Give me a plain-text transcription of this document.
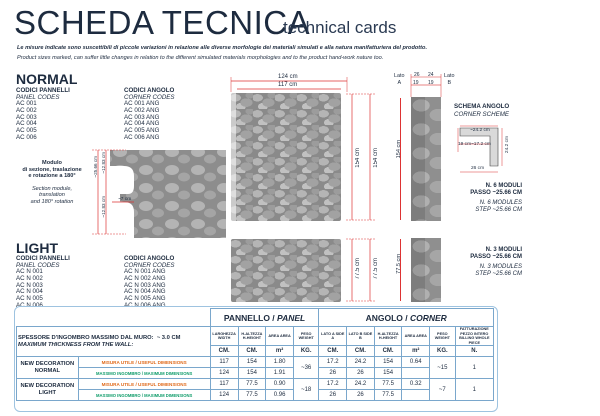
SCHEDA TECNICA
technical cards
Le misure indicate sono suscettibili di piccole variazioni in relazione alle diverse morfologie dei materiali simulati e alla natura manifatturiera del prodotto.
Product sizes marked, can suffer little changes in relation to the different simulated materials morphologies and to the product hand-work nature too.
NORMAL
CODICI PANNELLI
PANEL CODES
AC 001
AC 002
AC 003
AC 004
AC 005
AC 006
CODICI ANGOLO
CORNER CODES
AC 001 ANG
AC 002 ANG
AC 003 ANG
AC 004 ANG
AC 005 ANG
AC 006 ANG
Modulo
di sezione, traslazione
e rotazione a 180°
Section module,
translation
and 180° rotation
~25.66 cm ~12.83 cm
~12.83 cm	~7 cm
LIGHT
CODICI PANNELLI
PANEL CODES
AC N 001
AC N 002
AC N 003
AC N 004
AC N 005
AC N 006
CODICI ANGOLO
CORNER CODES
AC N 001 ANG
AC N 002 ANG
AC N 003 ANG
AC N 004 ANG
AC N 005 ANG
AC N 006 ANG
124 cm
117 cm
154 cm 154 cm
77.5 cm 77.5 cm
Lato
A
Lato
B
26 24
19 19
154 cm
77.5 cm
SCHEMA ANGOLO
CORNER SCHEME
~24.2 cm
19 cm ~17.2 cm
26 cm
24.2 cm
N. 6 MODULI
PASSO ~25.66 CM
N. 6 MODULES
STEP ~25.66 CM
N. 3 MODULI
PASSO ~25.66 CM
N. 3 MODULES
STEP ~25.66 CM
		PANNELLO / PANEL				ANGOLO / CORNER					
SPESSORE D'INGOMBRO MASSIMO DAL MURO: ~ 3.0 CM
MAXIMUM THICKNESS FROM THE WALL:		LARGHEZZA WIDTH	H-ALTEZZA H-HEIGHT	AREA AREA	PESO WEIGHT	LATO A SIDE A	LATO B SIDE B	H-ALTEZZA H-HEIGHT	AREA AREA	PESO WEIGHT	FATTURAZIONE PEZZO INTERO BILLING WHOLE PIECE
		CM.	CM.	m²	KG.	CM.	CM.	CM.	m²	KG.	N.
NEW DECORATION
NORMAL	MISURA UTILE / USEFUL DIMENSIONS	117	154	1.80	~36	17.2	24.2	154	0.64	~15	1
	MASSIMO INGOMBRO / MAXIMUM DIMENSIONS	124	154	1.91		26	26	154			
NEW DECORATION
LIGHT	MISURA UTILE / USEFUL DIMENSIONS	117	77.5	0.90	~18	17.2	24.2	77.5	0.32	~7	1
	MASSIMO INGOMBRO / MAXIMUM DIMENSIONS	124	77.5	0.96		26	26	77.5			
